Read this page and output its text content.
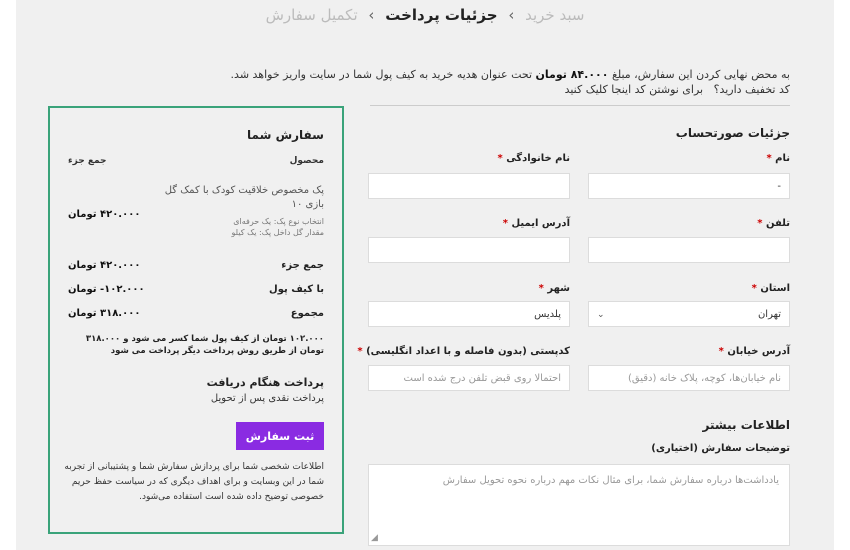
سبد خرید › جزئیات پرداخت › تکمیل سفارش
به محض نهایی کردن این سفارش، مبلغ ۸۴.۰۰۰ تومان تحت عنوان هدیه خرید به کیف پول شما در سایت واریز خواهد شد.
کد تخفیف دارید؟   برای نوشتن کد اینجا کلیک کنید
جزئیات صورتحساب
نام *
نام خانوادگی *
-
تلفن *
آدرس ایمیل *
استان *
شهر *
تهران
⌄
پلدیس
آدرس خیابان *
کدپستی (بدون فاصله و با اعداد انگلیسی) *
نام خیابان‌ها، کوچه، پلاک خانه (دقیق)
احتمالا روی قبض تلفن درج شده است
اطلاعات بیشتر
توضیحات سفارش (اختیاری)
یادداشت‌ها درباره سفارش شما، برای مثال نکات مهم درباره نحوه تحویل سفارش
◢
سفارش شما
محصول
جمع جزء
پک مخصوص خلاقیت کودک با کمک گل بازی ۱۰
انتخاب نوع پک: یک حرفه‌ای
مقدار گل داخل پک: یک کیلو
۴۲۰.۰۰۰ تومان
جمع جزء
۴۲۰.۰۰۰ تومان
با کیف پول
۱۰۲.۰۰۰- تومان
مجموع
۳۱۸.۰۰۰ تومان
۱۰۲.۰۰۰ تومان از کیف پول شما کسر می شود و ۳۱۸.۰۰۰ تومان از طریق روش پرداخت دیگر پرداخت می شود
پرداخت هنگام دریافت
پرداخت نقدی پس از تحویل
ثبت سفارش
اطلاعات شخصی شما برای پردازش سفارش شما و پشتیبانی از تجربه شما در این وبسایت و برای اهداف دیگری که در سیاست حفظ حریم خصوصی توضیح داده شده است استفاده می‌شود.
